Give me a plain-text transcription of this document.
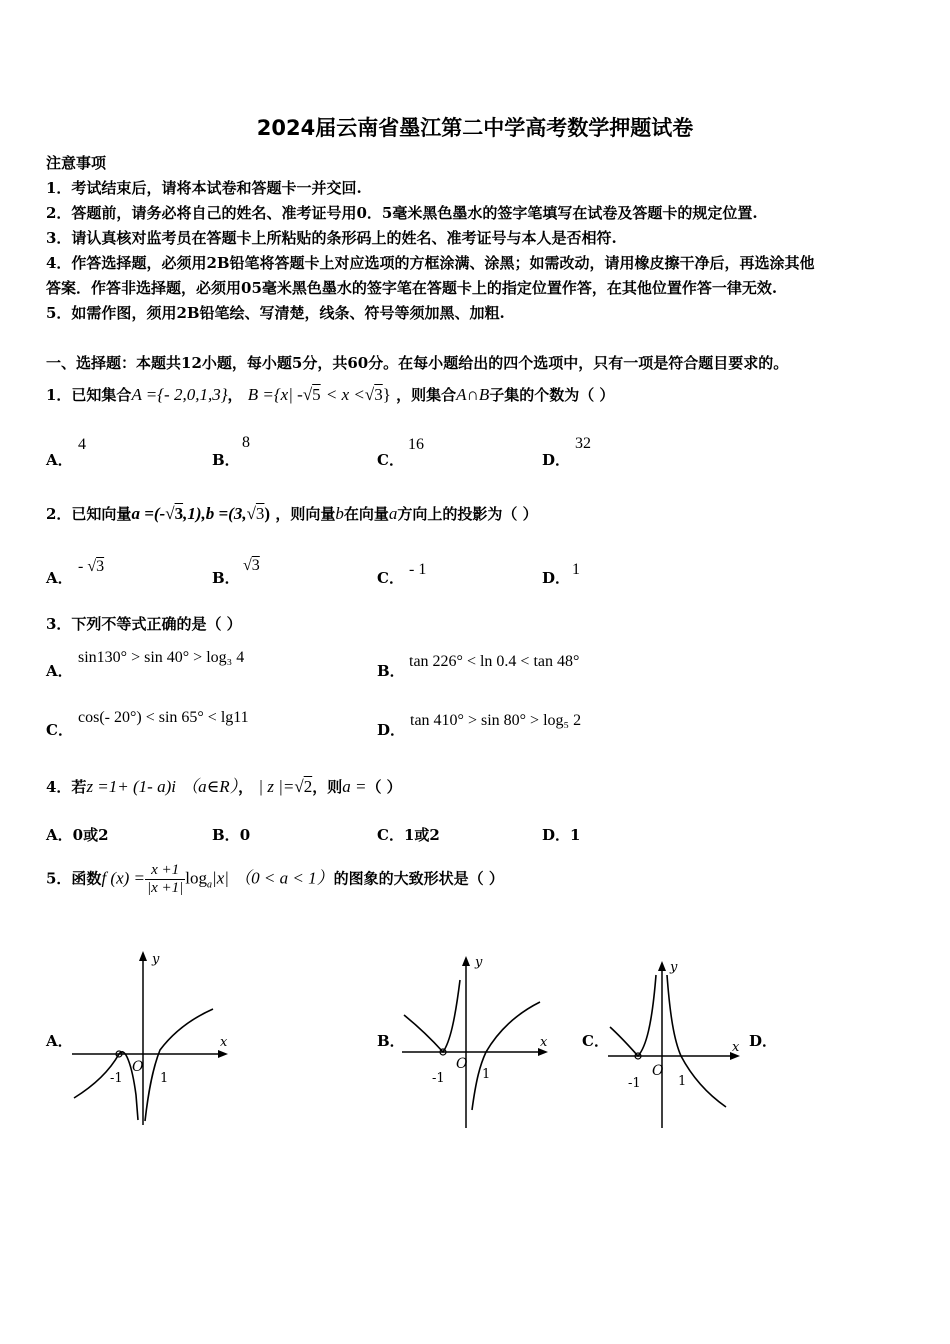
2024届云南省墨江第二中学高考数学押题试卷
注意事项
1．考试结束后，请将本试卷和答题卡一并交回.
2．答题前，请务必将自己的姓名、准考证号用0．5毫米黑色墨水的签字笔填写在试卷及答题卡的规定位置.
3．请认真核对监考员在答题卡上所粘贴的条形码上的姓名、准考证号与本人是否相符.
4．作答选择题，必须用2B铅笔将答题卡上对应选项的方框涂满、涂黑；如需改动，请用橡皮擦干净后，再选涂其他
答案．作答非选择题，必须用05毫米黑色墨水的签字笔在答题卡上的指定位置作答，在其他位置作答一律无效.
5．如需作图，须用2B铅笔绘、写清楚，线条、符号等须加黑、加粗.
一、选择题：本题共12小题，每小题5分，共60分。在每小题给出的四个选项中，只有一项是符合题目要求的。
1．已知集合A ={- 2,0,1,3}， B ={x| -√5 < x <√3} ，则集合A∩B子集的个数为（ ）
A．
4
B．
8
C．
16
D．
32
2．已知向量a =(-√3,1),b =(3,√3) ，则向量b在向量a方向上的投影为（ ）
A．
- √3
B．
√3
C． - 1	D． 1
3．下列不等式正确的是（ ）
A．
sin130° > sin 40° > log₃ 4
B．
tan 226° < ln 0.4 < tan 48°
C．
cos(- 20°) < sin 65° < lg11
D．
tan 410° > sin 80° > log₅ 2
4．若z =1+ (1- a)i （a∈R）， | z |=√2，则a =（ ）
A．0或2	B．0	C．1或2	D．1
5．函数f $(x) = \frac{x +1}{|x +1|} \log_a|x|$ （0 < a < 1）的图象的大致形状是（ ）
A．	B．	C．	D．
y
x
O
-1	1
y
x
O
-1	1
y
x
O
-1	1
